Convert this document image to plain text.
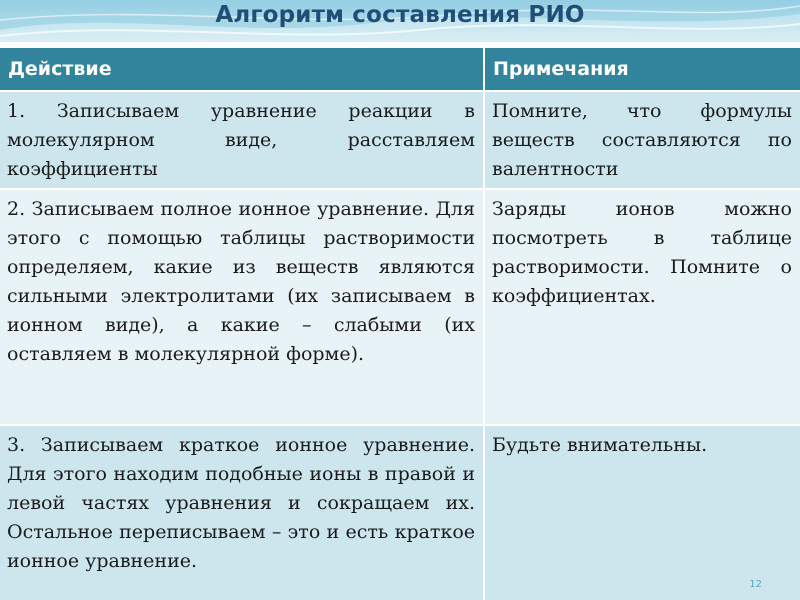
Алгоритм составления РИО
Действие	Примечания
1. Записываем уравнение реакции в молекулярном виде, расставляем коэффициенты	Помните, что формулы веществ составляются по валентности
2. Записываем полное ионное уравнение. Для этого с помощью таблицы растворимости определяем, какие из веществ являются сильными электролитами (их записываем в ионном виде), а какие – слабыми (их оставляем в молекулярной форме).	Заряды ионов можно посмотреть в таблице растворимости. Помните о коэффициентах.
3. Записываем краткое ионное уравнение. Для этого находим подобные ионы в правой и левой частях уравнения и сокращаем их. Остальное переписываем – это и есть краткое ионное уравнение.	Будьте внимательны.
12
